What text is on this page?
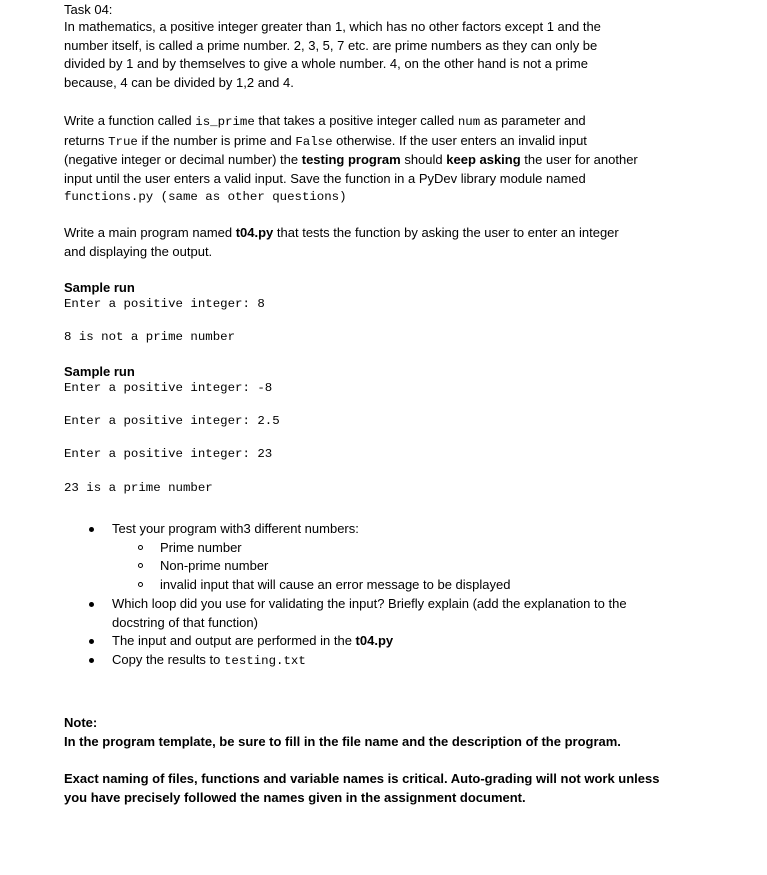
Task 04:
In mathematics, a positive integer greater than 1, which has no other factors except 1 and the
number itself, is called a prime number. 2, 3, 5, 7 etc. are prime numbers as they can only be
divided by 1 and by themselves to give a whole number. 4, on the other hand is not a prime
because, 4 can be divided by 1,2 and 4.
Write a function called is_prime that takes a positive integer called num as parameter and
returns True if the number is prime and False otherwise. If the user enters an invalid input
(negative integer or decimal number) the testing program should keep asking the user for another
input until the user enters a valid input. Save the function in a PyDev library module named
functions.py (same as other questions)
Write a main program named t04.py that tests the function by asking the user to enter an integer
and displaying the output.
Sample run
Enter a positive integer: 8
8 is not a prime number
Sample run
Enter a positive integer: -8
Enter a positive integer: 2.5
Enter a positive integer: 23
23 is a prime number
Test your program with3 different numbers:
Prime number
Non-prime number
invalid input that will cause an error message to be displayed
Which loop did you use for validating the input? Briefly explain (add the explanation to the
docstring of that function)
The input and output are performed in the t04.py
Copy the results to testing.txt
Note:
In the program template, be sure to fill in the file name and the description of the program.
Exact naming of files, functions and variable names is critical. Auto-grading will not work unless
you have precisely followed the names given in the assignment document.
